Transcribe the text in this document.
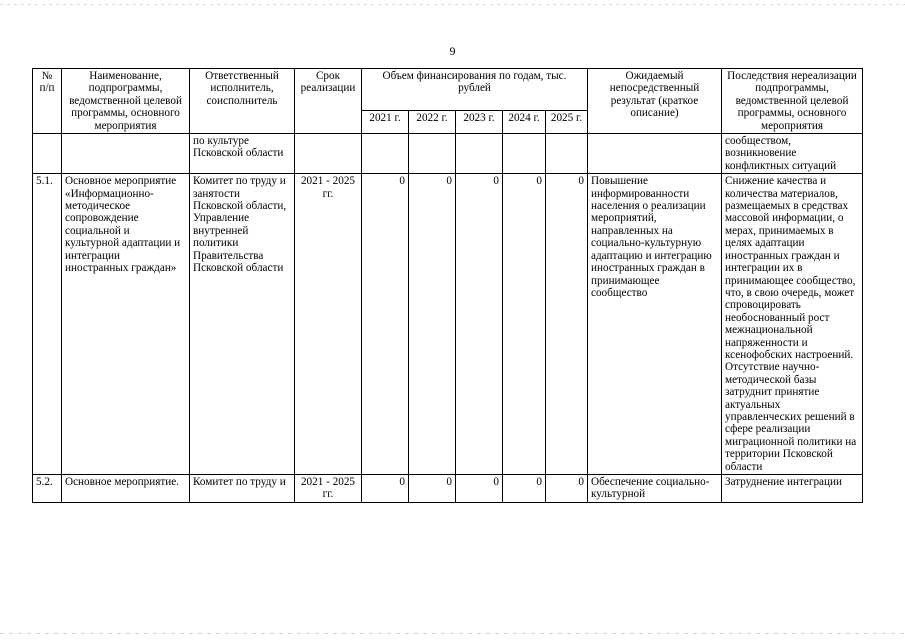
9
№ п/п	Наименование, подпрограммы, ведомственной целевой программы, основного мероприятия	Ответственный исполнитель, соисполнитель	Срок реализации	Объем финансирования по годам, тыс. рублей					Ожидаемый непосредственный результат (краткое описание)	Последствия нереализации подпрограммы, ведомственной целевой программы, основного мероприятия
				2021 г.	2022 г.	2023 г.	2024 г.	2025 г.		
		по культуре Псковской области								сообществом, возникновение конфликтных ситуаций
5.1.	Основное мероприятие «Информационно-методическое сопровождение социальной и культурной адаптации и интеграции иностранных граждан»	Комитет по труду и занятости Псковской области, Управление внутренней политики Правительства Псковской области	2021 - 2025 гг.	0	0	0	0	0	Повышение информированности населения о реализации мероприятий, направленных на социально-культурную адаптацию и интеграцию иностранных граждан в принимающее сообщество	Снижение качества и количества материалов, размещаемых в средствах массовой информации, о мерах, принимаемых в целях адаптации иностранных граждан и интеграции их в принимающее сообщество, что, в свою очередь, может спровоцировать необоснованный рост межнациональной напряженности и ксенофобских настроений. Отсутствие научно-методической базы затруднит принятие актуальных управленческих решений в сфере реализации миграционной политики на территории Псковской области
5.2.	Основное мероприятие.	Комитет по труду и	2021 - 2025 гг.	0	0	0	0	0	Обеспечение социально-культурной	Затруднение интеграции
